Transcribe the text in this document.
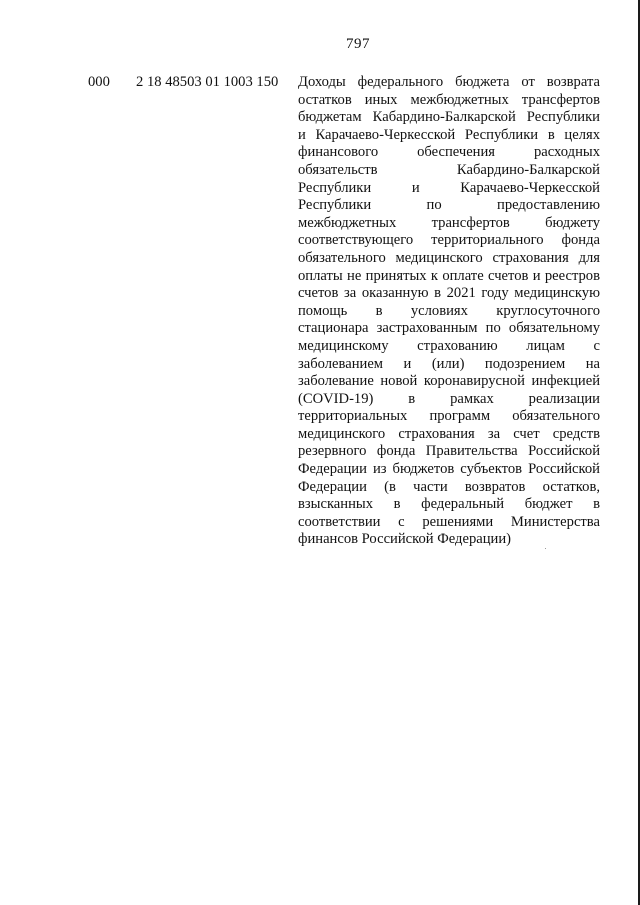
797
000 2 18 48503 01 1003 150 Доходы федерального бюджета от возврата
остатков иных межбюджетных трансфертов
бюджетам Кабардино-Балкарской Республики
и Карачаево-Черкесской Республики в целях
финансового обеспечения расходных
обязательств Кабардино-Балкарской
Республики и Карачаево-Черкесской
Республики по предоставлению
межбюджетных трансфертов бюджету
соответствующего территориального фонда
обязательного медицинского страхования для
оплаты не принятых к оплате счетов и реестров
счетов за оказанную в 2021 году медицинскую
помощь в условиях круглосуточного
стационара застрахованным по обязательному
медицинскому страхованию лицам с
заболеванием и (или) подозрением на
заболевание новой коронавирусной инфекцией
(COVID-19) в рамках реализации
территориальных программ обязательного
медицинского страхования за счет средств
резервного фонда Правительства Российской
Федерации из бюджетов субъектов Российской
Федерации (в части возвратов остатков,
взысканных в федеральный бюджет в
соответствии с решениями Министерства
финансов Российской Федерации)
